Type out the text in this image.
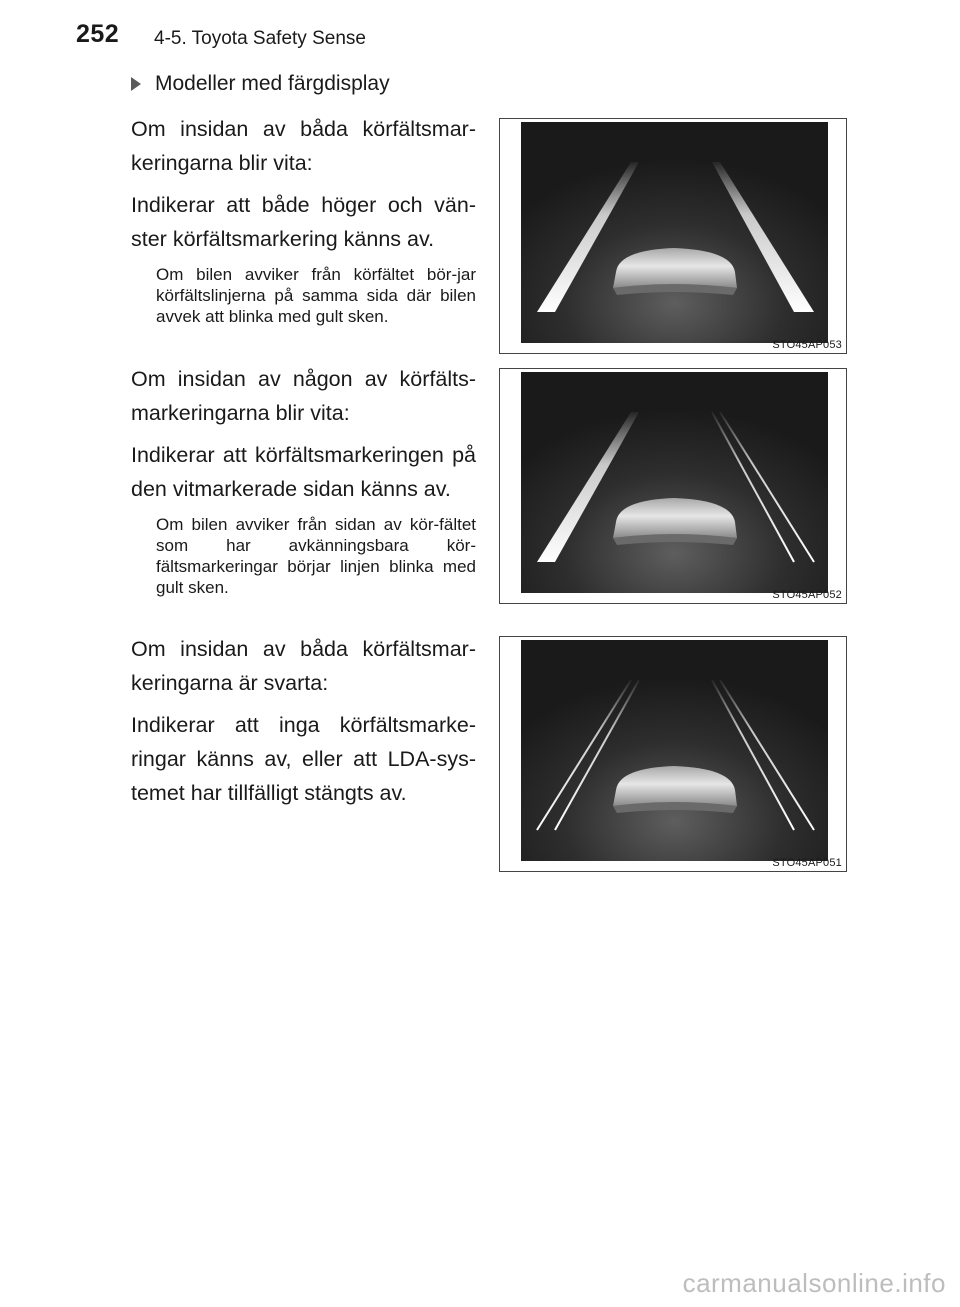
252 4-5. Toyota Safety Sense
Modeller med färgdisplay

Om insidan av båda körfältsmar-keringarna blir vita:

Indikerar att både höger och vän-ster körfältsmarkering känns av.

Om bilen avviker från körfältet bör-jar körfältslinjerna på samma sida där bilen avvek att blinka med gult sken.

Om insidan av någon av körfälts-markeringarna blir vita:

Indikerar att körfältsmarkeringen på den vitmarkerade sidan känns av.

Om bilen avviker från sidan av kör-fältet som har avkänningsbara kör-fältsmarkeringar börjar linjen blinka med gult sken.

Om insidan av båda körfältsmar-keringarna är svarta:

Indikerar att inga körfältsmarke-ringar känns av, eller att LDA-sys-temet har tillfälligt stängts av.

STO45AP053
STO45AP052
STO45AP051
carmanualsonline.info
